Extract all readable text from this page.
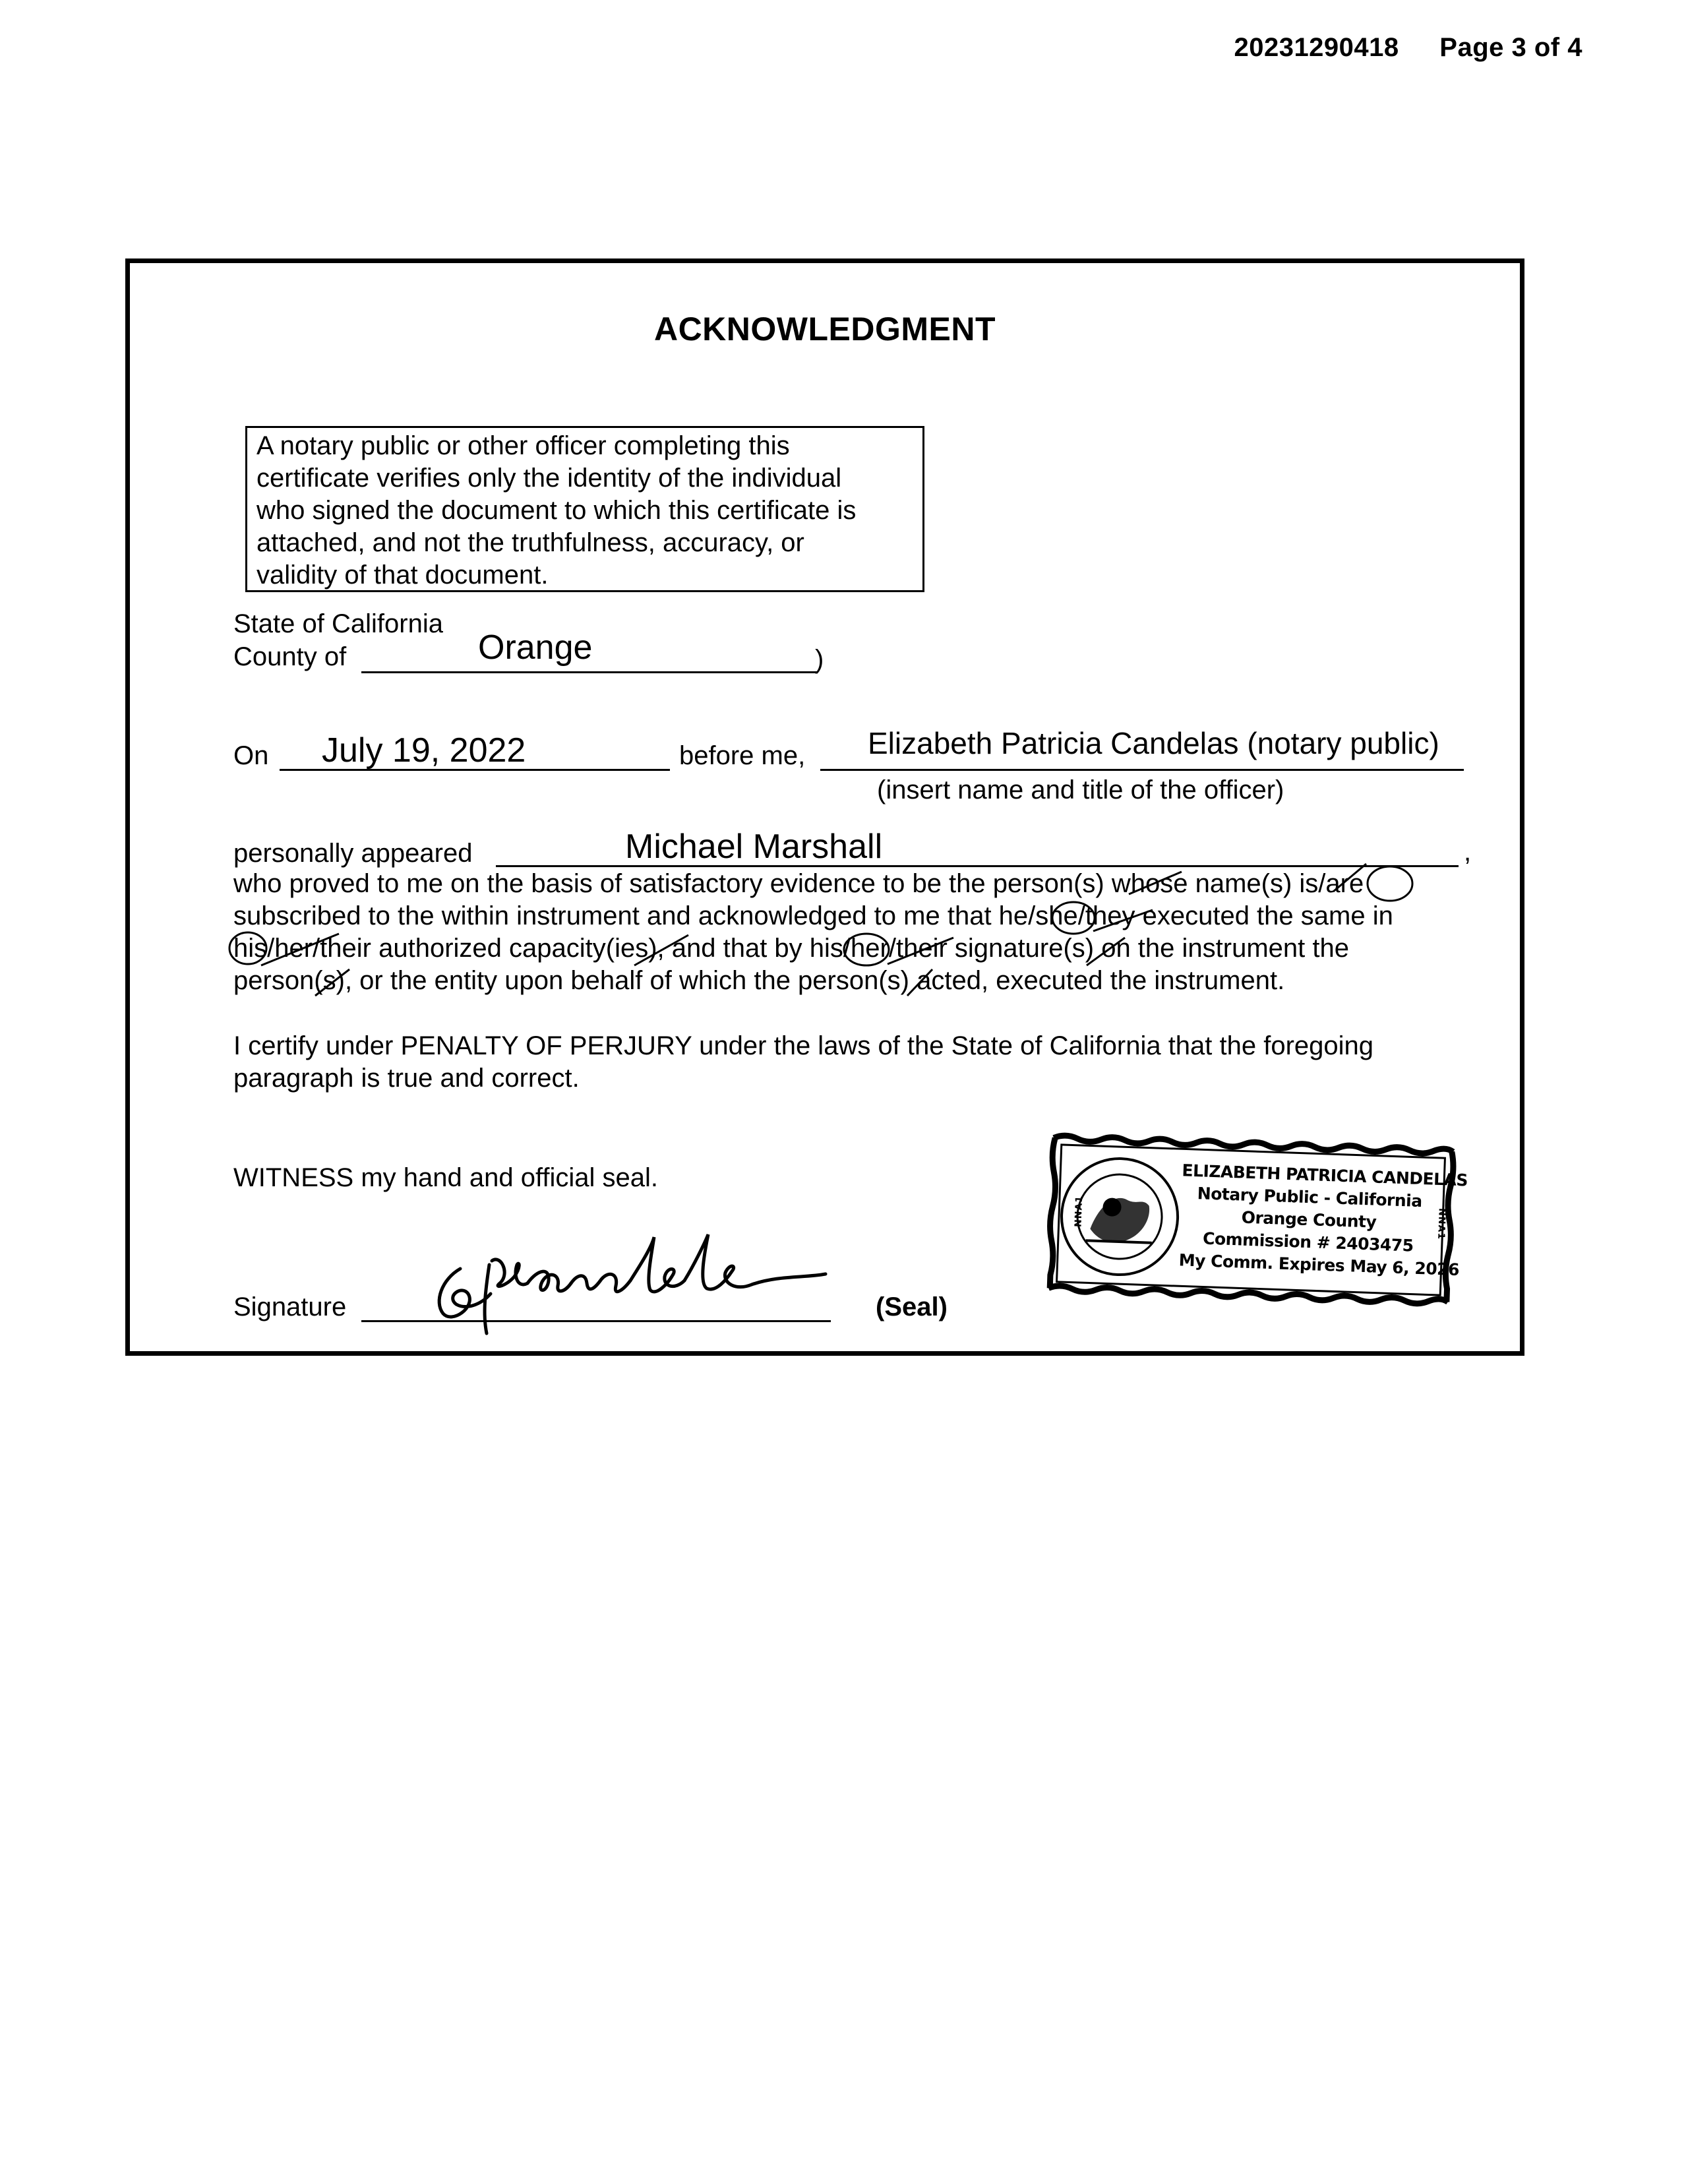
20231290418 Page 3 of 4
ACKNOWLEDGMENT
A notary public or other officer completing this
certificate verifies only the identity of the individual
who signed the document to which this certificate is
attached, and not the truthfulness, accuracy, or
validity of that document.
State of California
County of	Orange	)
On July 19, 2022	before me, Elizabeth Patricia Candelas (notary public)
(insert name and title of the officer)
personally appeared	Michael Marshall	,
who proved to me on the basis of satisfactory evidence to be the person(s) whose name(s) is/are
subscribed to the within instrument and acknowledged to me that he/she/they executed the same in
his/her/their authorized capacity(ies), and that by his/her/their signature(s) on the instrument the
person(s), or the entity upon behalf of which the person(s) acted, executed the instrument.
I certify under PENALTY OF PERJURY under the laws of the State of California that the foregoing
paragraph is true and correct.
WITNESS my hand and official seal.
Signature	(Seal)
NNA1	NNA1
ELIZABETH PATRICIA CANDELAS
Notary Public - California
Orange County
Commission # 2403475
My Comm. Expires May 6, 2026
